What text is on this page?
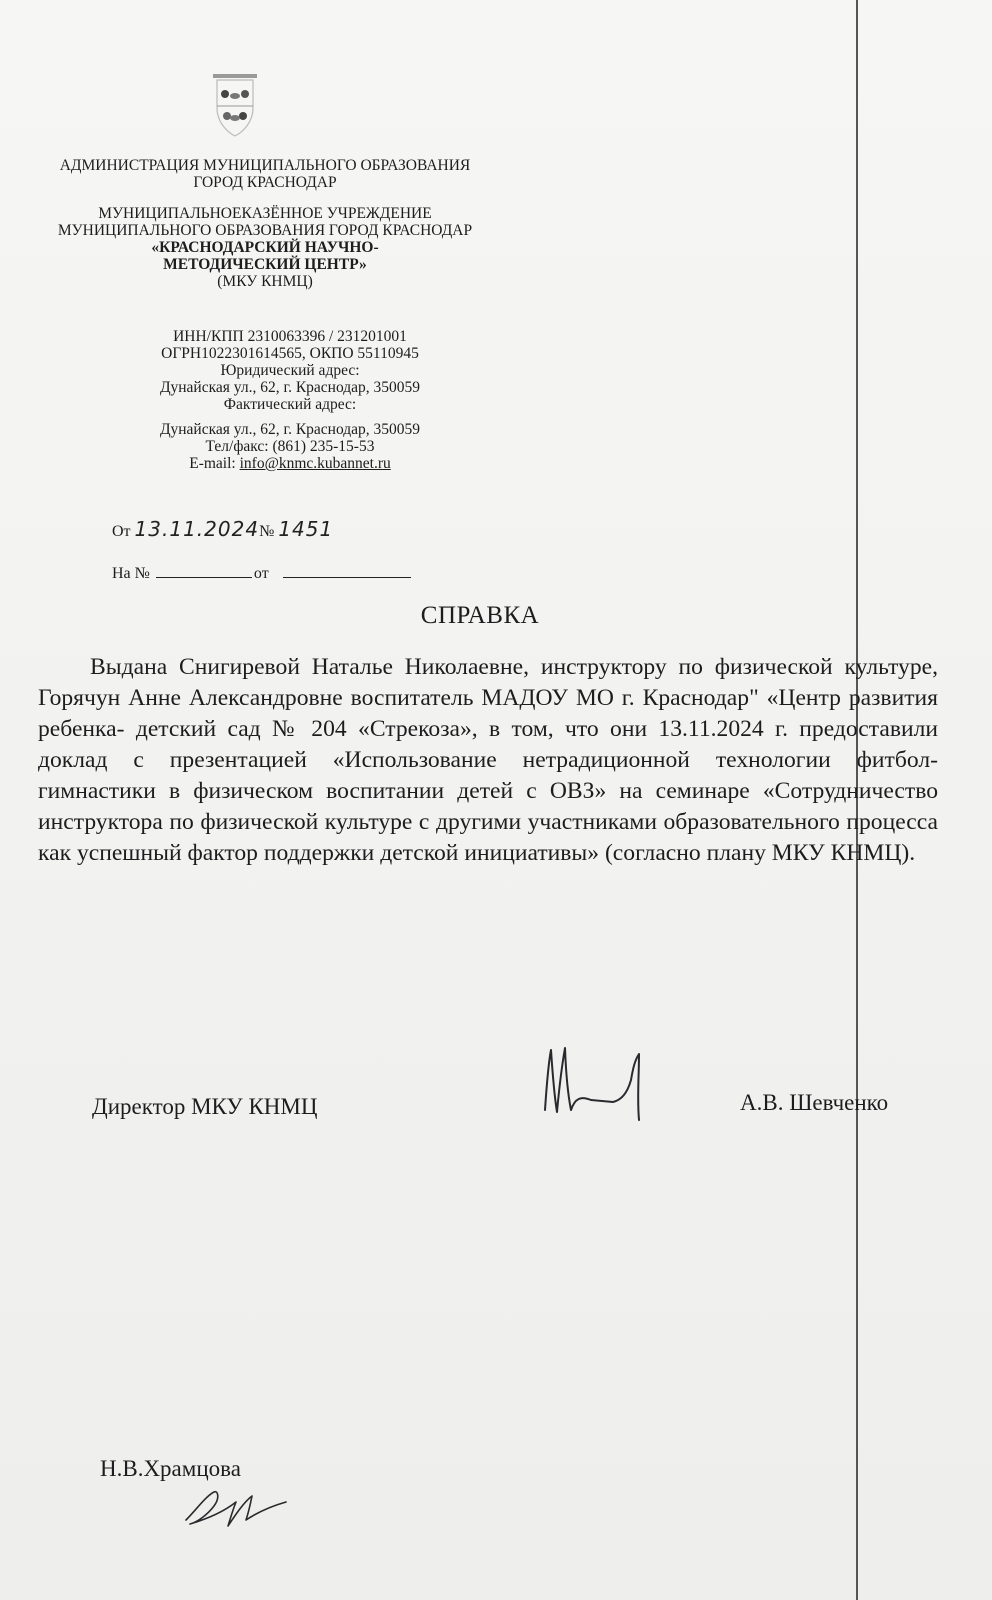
АДМИНИСТРАЦИЯ МУНИЦИПАЛЬНОГО ОБРАЗОВАНИЯ
ГОРОД КРАСНОДАР
МУНИЦИПАЛЬНОЕКАЗЁННОЕ УЧРЕЖДЕНИЕ
МУНИЦИПАЛЬНОГО ОБРАЗОВАНИЯ ГОРОД КРАСНОДАР
«КРАСНОДАРСКИЙ НАУЧНО-
МЕТОДИЧЕСКИЙ ЦЕНТР»
(МКУ КНМЦ)
ИНН/КПП 2310063396 / 231201001
ОГРН1022301614565, ОКПО 55110945
Юридический адрес:
Дунайская ул., 62, г. Краснодар, 350059
Фактический адрес:
Дунайская ул., 62, г. Краснодар, 350059
Тел/факс: (861) 235-15-53
E-mail: info@knmc.kubannet.ru
От 13.11.2024№ 1451
На №	от
СПРАВКА
Выдана Снигиревой Наталье Николаевне, инструктору по физической культуре, Горячун Анне Александровне воспитатель МАДОУ МО г. Краснодар" «Центр развития ребенка- детский сад № 204 «Стрекоза», в том, что они 13.11.2024 г. предоставили доклад с презентацией «Использование нетрадиционной технологии фитбол- гимнастики в физическом воспитании детей с ОВЗ» на семинаре «Сотрудничество инструктора по физической культуре с другими участниками образовательного процесса как успешный фактор поддержки детской инициативы» (согласно плану МКУ КНМЦ).
Директор МКУ КНМЦ	А.В. Шевченко
Н.В.Храмцова
